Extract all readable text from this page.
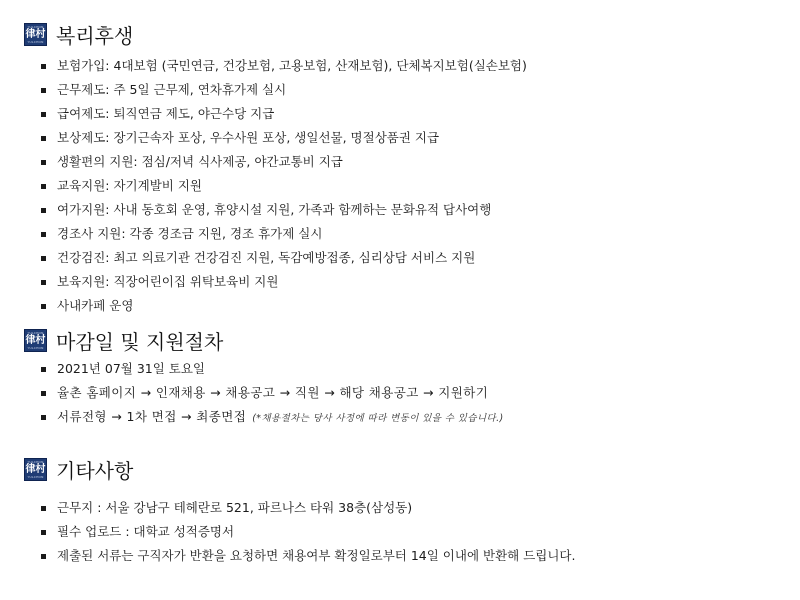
YULCHON
律村
YULCHON 복리후생
보험가입: 4대보험 (국민연금, 건강보험, 고용보험, 산재보험), 단체복지보험(실손보험)
근무제도: 주 5일 근무제, 연차휴가제 실시
급여제도: 퇴직연금 제도, 야근수당 지급
보상제도: 장기근속자 포상, 우수사원 포상, 생일선물, 명절상품권 지급
생활편의 지원: 점심/저녁 식사제공, 야간교통비 지급
교육지원: 자기계발비 지원
여가지원: 사내 동호회 운영, 휴양시설 지원, 가족과 함께하는 문화유적 답사여행
경조사 지원: 각종 경조금 지원, 경조 휴가제 실시
건강검진: 최고 의료기관 건강검진 지원, 독감예방접종, 심리상담 서비스 지원
보육지원: 직장어린이집 위탁보육비 지원
사내카페 운영
YULCHON
律村
YULCHON 마감일 및 지원절차
2021년 07월 31일 토요일
율촌 홈페이지 → 인재채용 → 채용공고 → 직원 → 해당 채용공고 → 지원하기
서류전형 → 1차 면접 → 최종면접 (*채용절차는 당사 사정에 따라 변동이 있을 수 있습니다.)
YULCHON
律村
YULCHON 기타사항
근무지 : 서울 강남구 테헤란로 521, 파르나스 타워 38층(삼성동)
필수 업로드 : 대학교 성적증명서
제출된 서류는 구직자가 반환을 요청하면 채용여부 확정일로부터 14일 이내에 반환해 드립니다.
